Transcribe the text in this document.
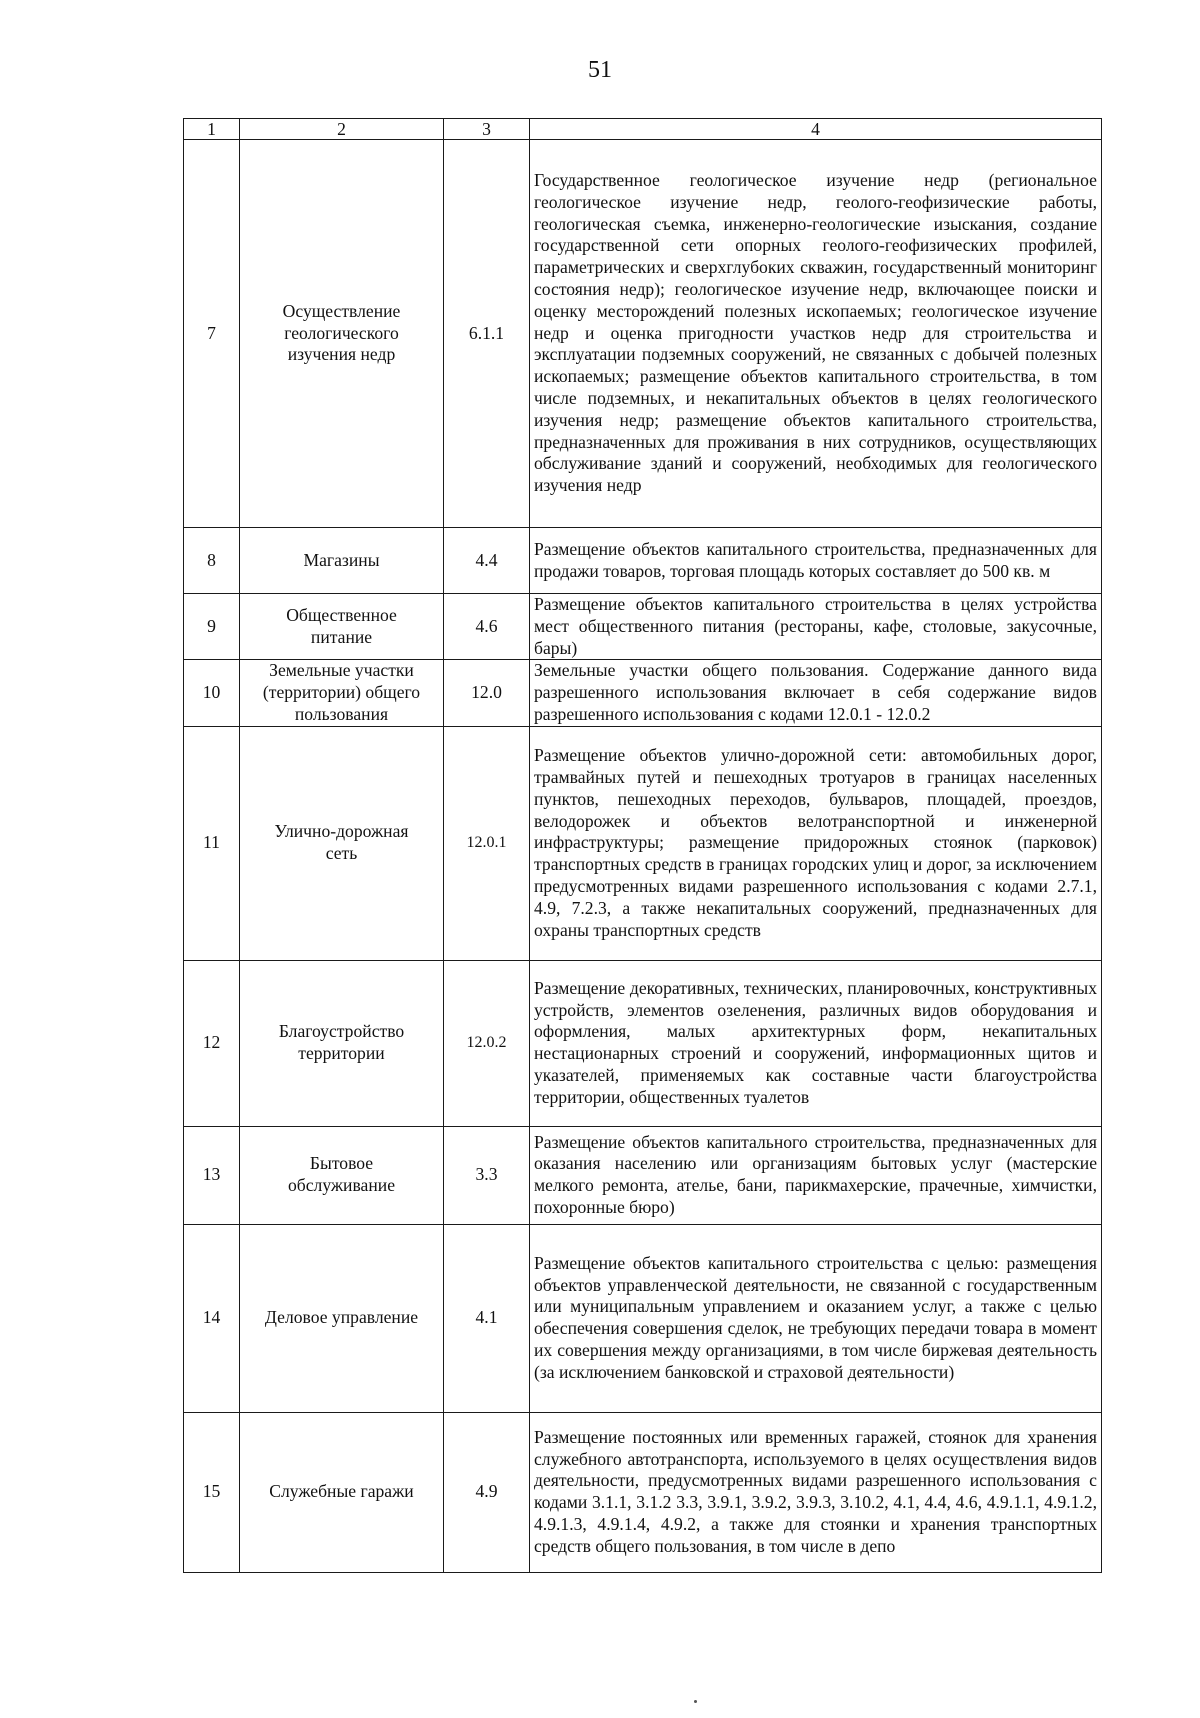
51
1	2	3	4
7	Осуществление геологического изучения недр	6.1.1	Государственное геологическое изучение недр (региональное геологическое изучение недр, геолого-геофизические работы, геологическая съемка, инженерно-геологические изыскания, создание государственной сети опорных геолого-геофизических профилей, параметрических и сверхглубоких скважин, государственный мониторинг состояния недр); геологическое изучение недр, включающее поиски и оценку месторождений полезных ископаемых; геологическое изучение недр и оценка пригодности участков недр для строительства и эксплуатации подземных сооружений, не связанных с добычей полезных ископаемых; размещение объектов капитального строительства, в том числе подземных, и некапитальных объектов в целях геологического изучения недр; размещение объектов капитального строительства, предназначенных для проживания в них сотрудников, осуществляющих обслуживание зданий и сооружений, необходимых для геологического изучения недр
8	Магазины	4.4	Размещение объектов капитального строительства, предназначенных для продажи товаров, торговая площадь которых составляет до 500 кв. м
9	Общественное питание	4.6	Размещение объектов капитального строительства в целях устройства мест общественного питания (рестораны, кафе, столовые, закусочные, бары)
10	Земельные участки (территории) общего пользования	12.0	Земельные участки общего пользования. Содержание данного вида разрешенного использования включает в себя содержание видов разрешенного использования с кодами 12.0.1 - 12.0.2
11	Улично-дорожная сеть	12.0.1	Размещение объектов улично-дорожной сети: автомобильных дорог, трамвайных путей и пешеходных тротуаров в границах населенных пунктов, пешеходных переходов, бульваров, площадей, проездов, велодорожек и объектов велотранспортной и инженерной инфраструктуры; размещение придорожных стоянок (парковок) транспортных средств в границах городских улиц и дорог, за исключением предусмотренных видами разрешенного использования с кодами 2.7.1, 4.9, 7.2.3, а также некапитальных сооружений, предназначенных для охраны транспортных средств
12	Благоустройство территории	12.0.2	Размещение декоративных, технических, планировочных, конструктивных устройств, элементов озеленения, различных видов оборудования и оформления, малых архитектурных форм, некапитальных нестационарных строений и сооружений, информационных щитов и указателей, применяемых как составные части благоустройства территории, общественных туалетов
13	Бытовое обслуживание	3.3	Размещение объектов капитального строительства, предназначенных для оказания населению или организациям бытовых услуг (мастерские мелкого ремонта, ателье, бани, парикмахерские, прачечные, химчистки, похоронные бюро)
14	Деловое управление	4.1	Размещение объектов капитального строительства с целью: размещения объектов управленческой деятельности, не связанной с государственным или муниципальным управлением и оказанием услуг, а также с целью обеспечения совершения сделок, не требующих передачи товара в момент их совершения между организациями, в том числе биржевая деятельность (за исключением банковской и страховой деятельности)
15	Служебные гаражи	4.9	Размещение постоянных или временных гаражей, стоянок для хранения служебного автотранспорта, используемого в целях осуществления видов деятельности, предусмотренных видами разрешенного использования с кодами 3.1.1, 3.1.2 3.3, 3.9.1, 3.9.2, 3.9.3, 3.10.2, 4.1, 4.4, 4.6, 4.9.1.1, 4.9.1.2, 4.9.1.3, 4.9.1.4, 4.9.2, а также для стоянки и хранения транспортных средств общего пользования, в том числе в депо
